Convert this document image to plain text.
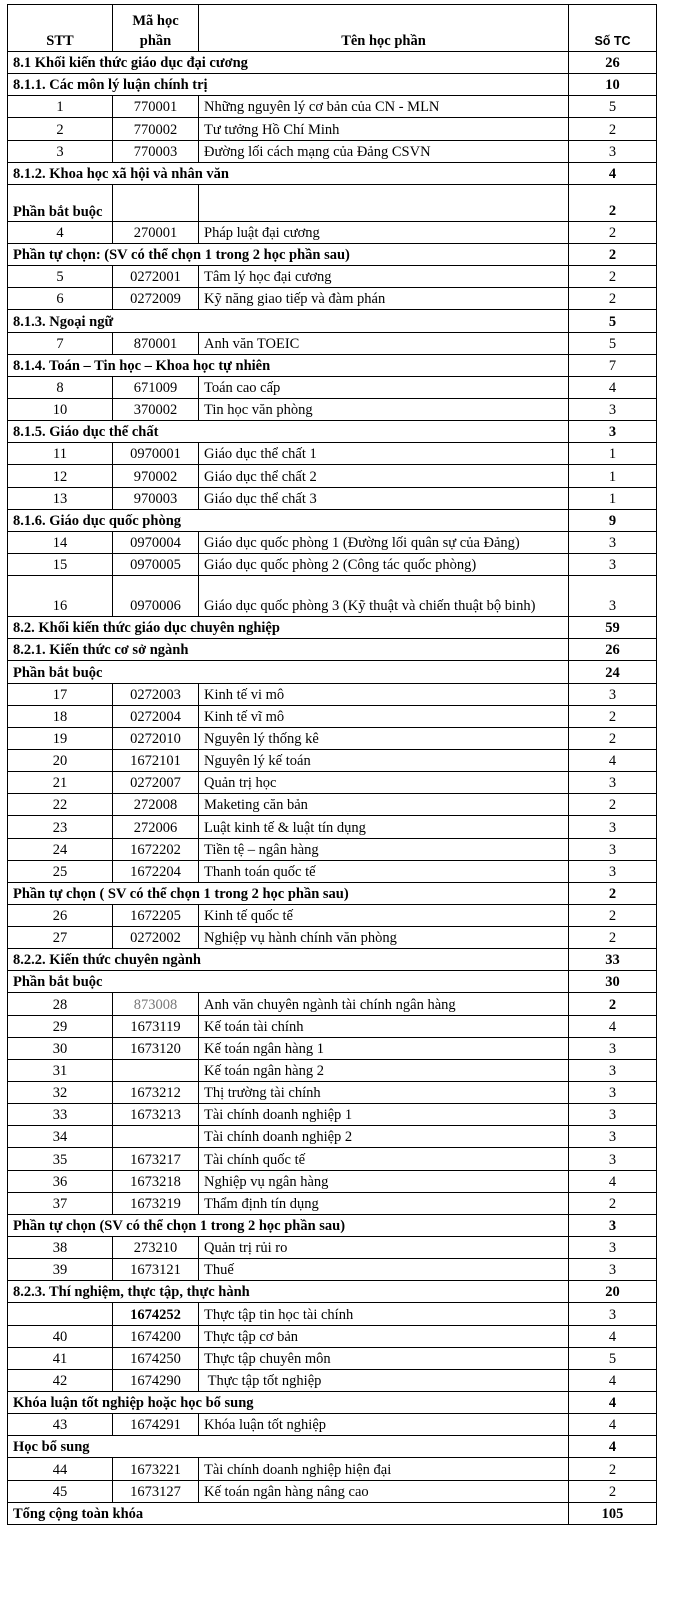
STT	Mã học phần	Tên học phần	Số TC
8.1 Khối kiến thức giáo dục đại cương			26
8.1.1. Các môn lý luận chính trị			10
1	770001	Những nguyên lý cơ bản của CN - MLN	5
2	770002	Tư tưởng Hồ Chí Minh	2
3	770003	Đường lối cách mạng của Đảng CSVN	3
8.1.2. Khoa học xã hội và nhân văn			4
Phần bắt buộc			2
4	270001	Pháp luật đại cương	2
Phần tự chọn: (SV có thể chọn 1 trong 2 học phần sau)			2
5	0272001	Tâm lý học đại cương	2
6	0272009	Kỹ năng giao tiếp và đàm phán	2
8.1.3. Ngoại ngữ			5
7	870001	Anh văn TOEIC	5
8.1.4. Toán – Tin học – Khoa học tự nhiên			7
8	671009	Toán cao cấp	4
10	370002	Tin học văn phòng	3
8.1.5. Giáo dục thể chất			3
11	0970001	Giáo dục thể chất 1	1
12	970002	Giáo dục thể chất 2	1
13	970003	Giáo dục thể chất 3	1
8.1.6. Giáo dục quốc phòng			9
14	0970004	Giáo dục quốc phòng 1 (Đường lối quân sự của Đảng)	3
15	0970005	Giáo dục quốc phòng 2 (Công tác quốc phòng)	3
16	0970006	Giáo dục quốc phòng 3 (Kỹ thuật và chiến thuật bộ binh)	3
8.2. Khối kiến thức giáo dục chuyên nghiệp			59
8.2.1. Kiến thức cơ sở ngành			26
Phần bắt buộc			24
17	0272003	Kinh tế vi mô	3
18	0272004	Kinh tế vĩ mô	2
19	0272010	Nguyên lý thống kê	2
20	1672101	Nguyên lý kế toán	4
21	0272007	Quản trị học	3
22	272008	Maketing căn bản	2
23	272006	Luật kinh tế & luật tín dụng	3
24	1672202	Tiền tệ – ngân hàng	3
25	1672204	Thanh toán quốc tế	3
Phần tự chọn ( SV có thể chọn 1 trong 2 học phần sau)			2
26	1672205	Kinh tế quốc tế	2
27	0272002	Nghiệp vụ hành chính văn phòng	2
8.2.2. Kiến thức chuyên ngành			33
Phần bắt buộc			30
28	873008	Anh văn chuyên ngành tài chính ngân hàng	2
29	1673119	Kế toán tài chính	4
30	1673120	Kế toán ngân hàng 1	3
31		Kế toán ngân hàng 2	3
32	1673212	Thị trường tài chính	3
33	1673213	Tài chính doanh nghiệp 1	3
34		Tài chính doanh nghiệp 2	3
35	1673217	Tài chính quốc tế	3
36	1673218	Nghiệp vụ ngân hàng	4
37	1673219	Thẩm định tín dụng	2
Phần tự chọn (SV có thể chọn 1 trong 2 học phần sau)			3
38	273210	Quản trị rủi ro	3
39	1673121	Thuế	3
8.2.3. Thí nghiệm, thực tập, thực hành			20
	1674252	Thực tập tin học tài chính	3
40	1674200	Thực tập cơ bản	4
41	1674250	Thực tập chuyên môn	5
42	1674290	Thực tập tốt nghiệp	4
Khóa luận tốt nghiệp hoặc học bổ sung			4
43	1674291	Khóa luận tốt nghiệp	4
Học bổ sung			4
44	1673221	Tài chính doanh nghiệp hiện đại	2
45	1673127	Kế toán ngân hàng nâng cao	2
Tổng cộng toàn khóa			105
